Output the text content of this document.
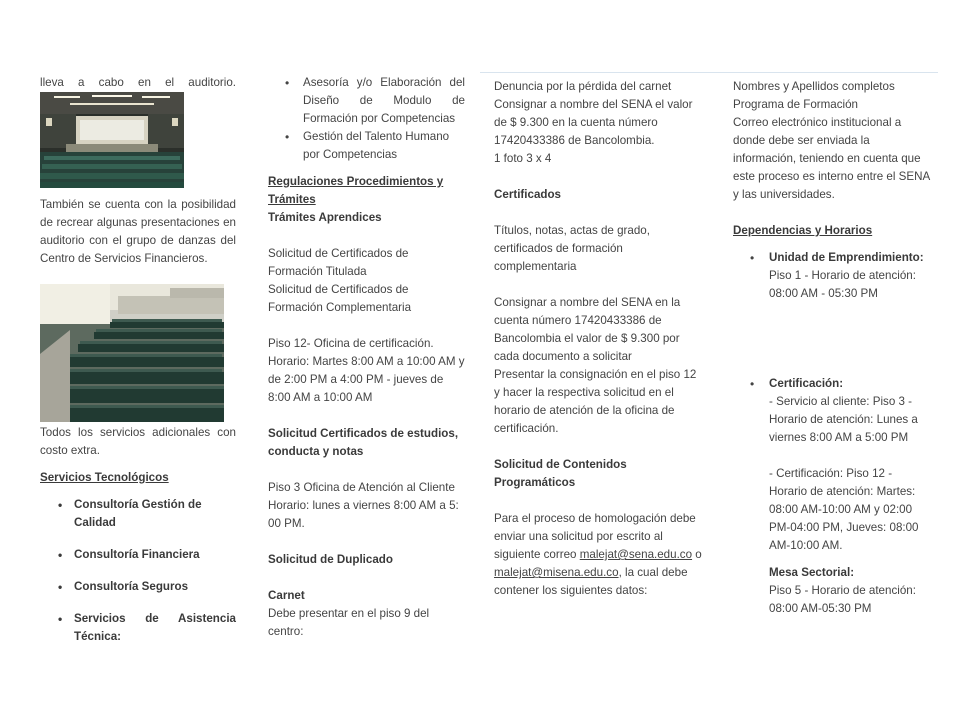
lleva a cabo en el auditorio.
También se cuenta con la posibilidad de recrear algunas presentaciones en auditorio con el grupo de danzas del Centro de Servicios Financieros.
Todos los servicios adicionales con costo extra.
Servicios Tecnológicos
• Consultoría Gestión de Calidad
• Consultoría Financiera
• Consultoría Seguros
• Servicios de Asistencia Técnica:
• Asesoría y/o Elaboración del Diseño de Modulo de Formación por Competencias
• Gestión del Talento Humano por Competencias
Regulaciones Procedimientos y Trámites
Trámites Aprendices
Solicitud de Certificados de Formación Titulada
Solicitud de Certificados de Formación Complementaria
Piso 12- Oficina de certificación. Horario: Martes 8:00 AM a 10:00 AM y de 2:00 PM a 4:00 PM - jueves de 8:00 AM a 10:00 AM
Solicitud Certificados de estudios, conducta y notas
Piso 3 Oficina de Atención al Cliente Horario: lunes a viernes 8:00 AM a 5: 00 PM.
Solicitud de Duplicado
Carnet
Debe presentar en el piso 9 del centro:
Denuncia por la pérdida del carnet
Consignar a nombre del SENA el valor de $ 9.300 en la cuenta número 17420433386 de Bancolombia.
1 foto 3 x 4
Certificados
Títulos, notas, actas de grado, certificados de formación complementaria
Consignar a nombre del SENA en la cuenta número 17420433386 de Bancolombia el valor de $ 9.300 por cada documento a solicitar
Presentar la consignación en el piso 12 y hacer la respectiva solicitud en el horario de atención de la oficina de certificación.
Solicitud de Contenidos Programáticos
Para el proceso de homologación debe enviar una solicitud por escrito al siguiente correo malejat@sena.edu.co o malejat@misena.edu.co, la cual debe contener los siguientes datos:
Nombres y Apellidos completos
Programa de Formación
Correo electrónico institucional a donde debe ser enviada la información, teniendo en cuenta que este proceso es interno entre el SENA y las universidades.
Dependencias y Horarios
• Unidad de Emprendimiento:
Piso 1 - Horario de atención: 08:00 AM - 05:30 PM
• Certificación:
- Servicio al cliente: Piso 3 - Horario de atención: Lunes a viernes 8:00 AM a 5:00 PM
- Certificación: Piso 12 - Horario de atención: Martes: 08:00 AM-10:00 AM y 02:00 PM-04:00 PM, Jueves: 08:00 AM-10:00 AM.
Mesa Sectorial:
Piso 5 - Horario de atención: 08:00 AM-05:30 PM
